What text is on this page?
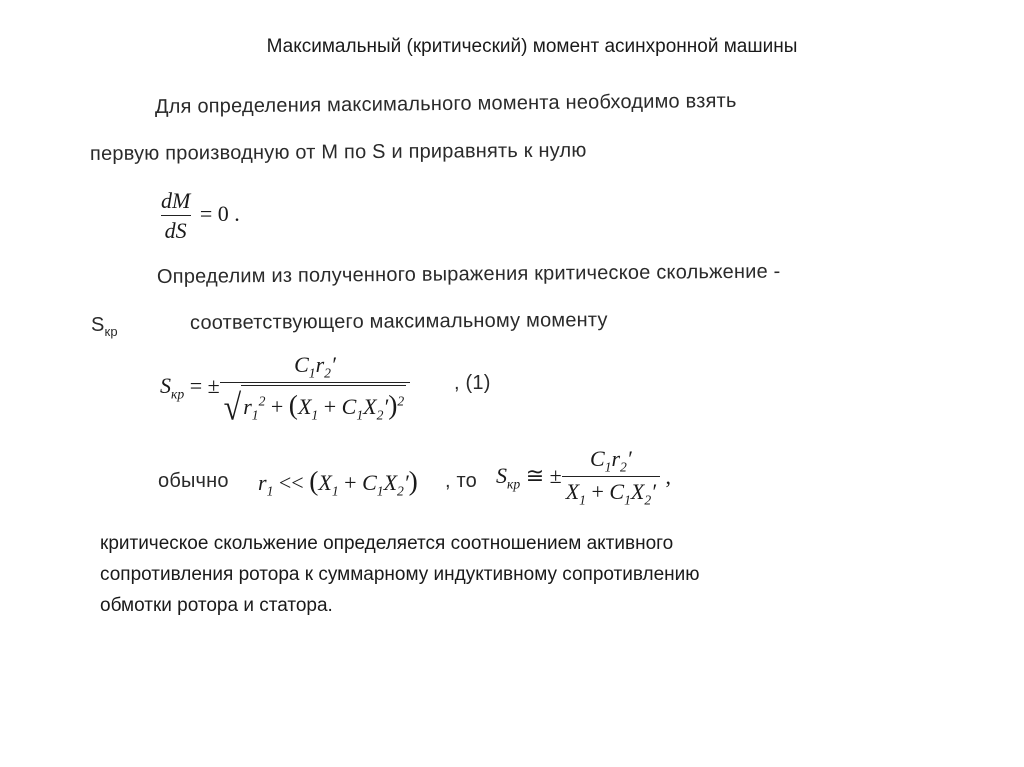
Максимальный (критический) момент асинхронной машины
Для определения максимального момента необходимо взять
первую производную от М по S и приравнять к нулю
$\frac{dM}{dS} = 0$ .
Определим из полученного выражения критическое скольжение -
$S_{кр}$	соответствующего максимальному моменту
$S_{кр}$ = ± $\frac{C_1r_2'}{√ r_1^2 + (X_1 + C_1X_2')^2}$ , (1)
обычно $r_1 << (X_1 + C_1X_2')$ , то $S_{кр}$ ≅ ± $\frac{C_1r_2'}{X_1 + C_1X_2'}$ ,
критическое скольжение определяется соотношением активного
сопротивления ротора к суммарному индуктивному сопротивлению
обмотки ротора и статора.
